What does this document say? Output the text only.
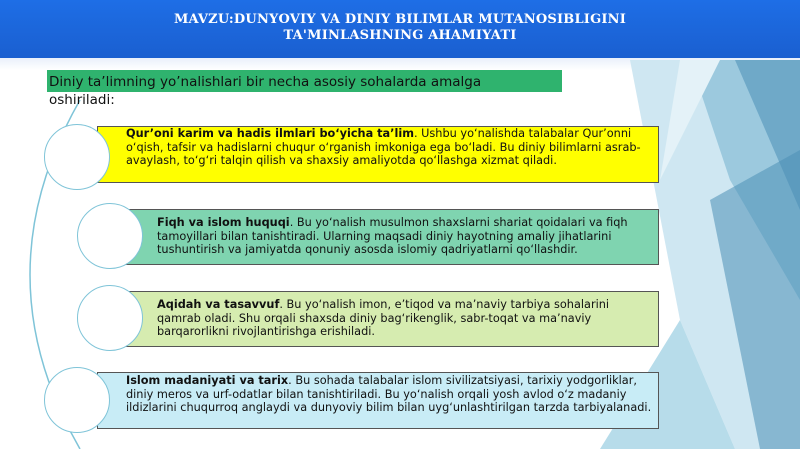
MAVZU:DUNYOVIY VA DINIY BILIMLAR MUTANOSIBLIGINI
TA'MINLASHNING AHAMIYATI
Diniy ta’limning yo’nalishlari bir necha asosiy sohalarda amalga
oshiriladi:
Qur’oni karim va hadis ilmlari bo‘yicha ta’lim. Ushbu yo‘nalishda talabalar Qur’onni o‘qish, tafsir va hadislarni chuqur o‘rganish imkoniga ega bo‘ladi. Bu diniy bilimlarni asrab-avaylash, to‘g‘ri talqin qilish va shaxsiy amaliyotda qo‘llashga xizmat qiladi.
Fiqh va islom huquqi. Bu yo‘nalish musulmon shaxslarni shariat qoidalari va fiqh tamoyillari bilan tanishtiradi. Ularning maqsadi diniy hayotning amaliy jihatlarini tushuntirish va jamiyatda qonuniy asosda islomiy qadriyatlarni qo‘llashdir.
Aqidah va tasavvuf. Bu yo‘nalish imon, e’tiqod va ma’naviy tarbiya sohalarini qamrab oladi. Shu orqali shaxsda diniy bag‘rikenglik, sabr-toqat va ma’naviy barqarorlikni rivojlantirishga erishiladi.
Islom madaniyati va tarix. Bu sohada talabalar islom sivilizatsiyasi, tarixiy yodgorliklar, diniy meros va urf-odatlar bilan tanishtiriladi. Bu yo‘nalish orqali yosh avlod o‘z madaniy ildizlarini chuqurroq anglaydi va dunyoviy bilim bilan uyg‘unlashtirilgan tarzda tarbiyalanadi.
